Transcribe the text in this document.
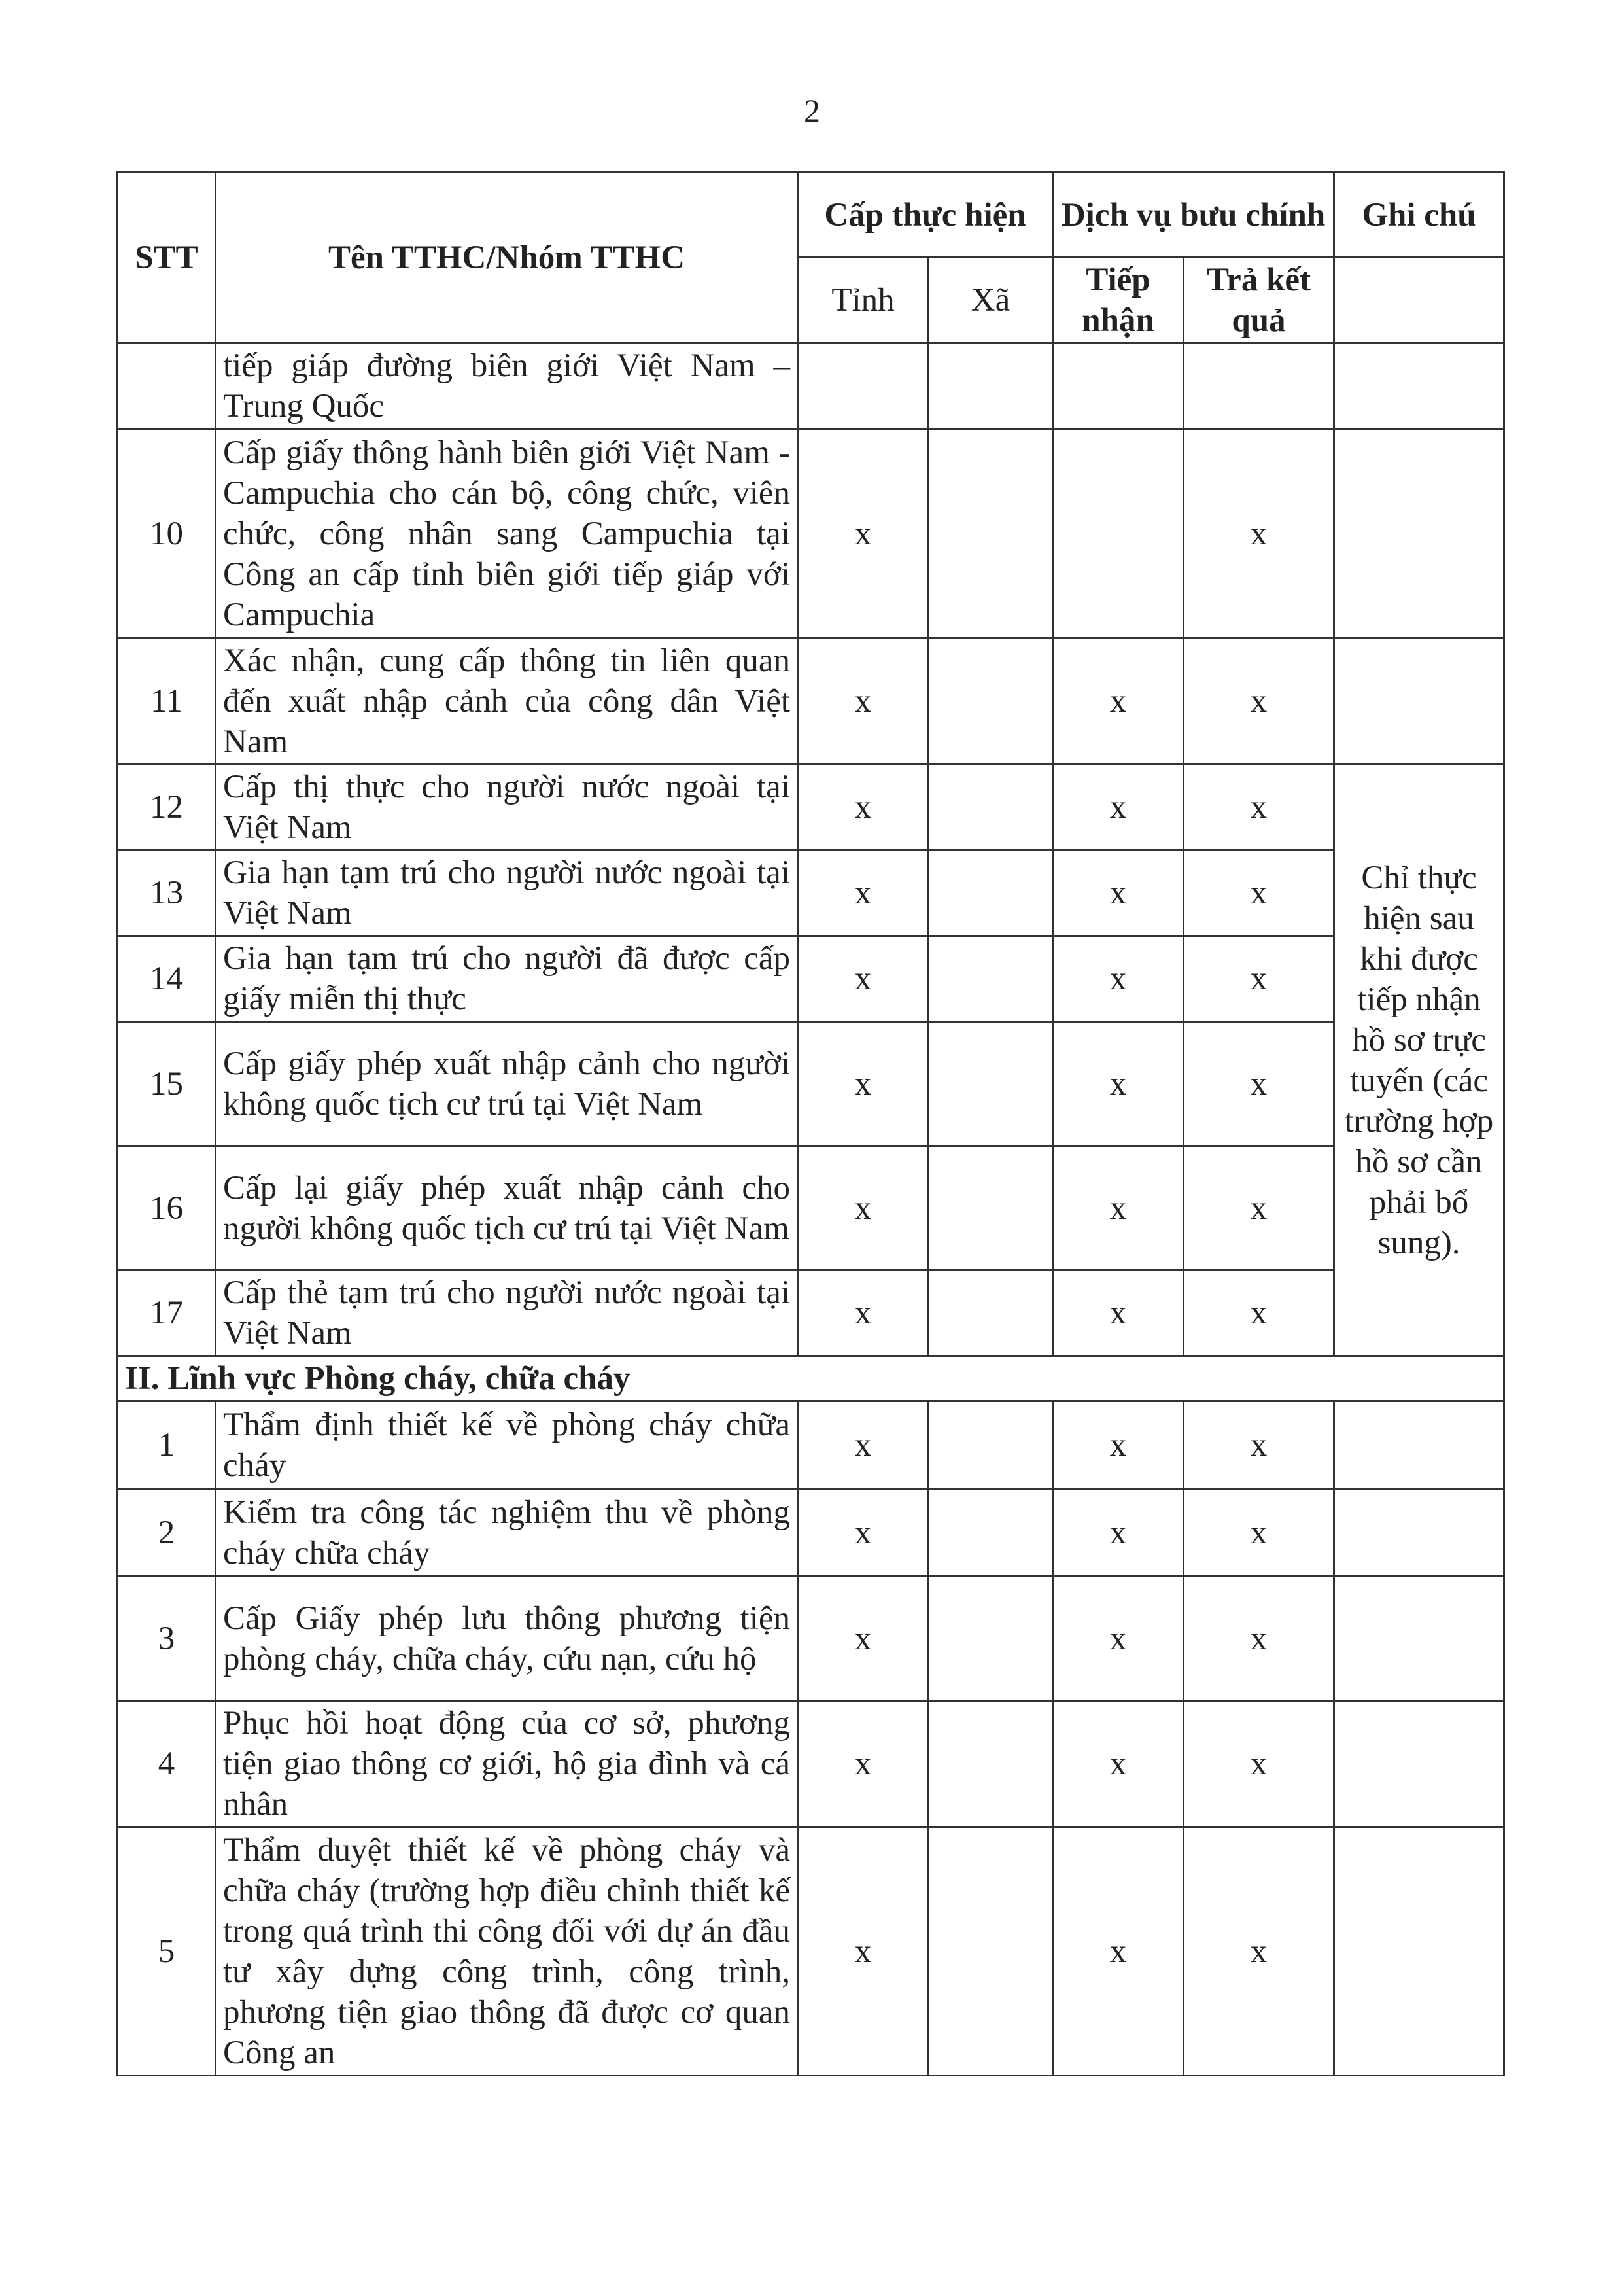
2
STT	Tên TTHC/Nhóm TTHC	Cấp thực hiện		Dịch vụ bưu chính		Ghi chú
		Tỉnh	Xã	Tiếp nhận	Trả kết quả	
	tiếp giáp đường biên giới Việt Nam – Trung Quốc					
10	Cấp giấy thông hành biên giới Việt Nam - Campuchia cho cán bộ, công chức, viên chức, công nhân sang Campuchia tại Công an cấp tỉnh biên giới tiếp giáp với Campuchia	x			x	
11	Xác nhận, cung cấp thông tin liên quan đến xuất nhập cảnh của công dân Việt Nam	x		x	x	
12	Cấp thị thực cho người nước ngoài tại Việt Nam	x		x	x	Chỉ thực hiện sau khi được tiếp nhận hồ sơ trực tuyến (các trường hợp hồ sơ cần phải bổ sung).
13	Gia hạn tạm trú cho người nước ngoài tại Việt Nam	x		x	x	
14	Gia hạn tạm trú cho người đã được cấp giấy miễn thị thực	x		x	x	
15	Cấp giấy phép xuất nhập cảnh cho người không quốc tịch cư trú tại Việt Nam	x		x	x	
16	Cấp lại giấy phép xuất nhập cảnh cho người không quốc tịch cư trú tại Việt Nam	x		x	x	
17	Cấp thẻ tạm trú cho người nước ngoài tại Việt Nam	x		x	x	
II. Lĩnh vực Phòng cháy, chữa cháy						
1	Thẩm định thiết kế về phòng cháy chữa cháy	x		x	x	
2	Kiểm tra công tác nghiệm thu về phòng cháy chữa cháy	x		x	x	
3	Cấp Giấy phép lưu thông phương tiện phòng cháy, chữa cháy, cứu nạn, cứu hộ	x		x	x	
4	Phục hồi hoạt động của cơ sở, phương tiện giao thông cơ giới, hộ gia đình và cá nhân	x		x	x	
5	Thẩm duyệt thiết kế về phòng cháy và chữa cháy (trường hợp điều chỉnh thiết kế trong quá trình thi công đối với dự án đầu tư xây dựng công trình, công trình, phương tiện giao thông đã được cơ quan Công an	x		x	x	
